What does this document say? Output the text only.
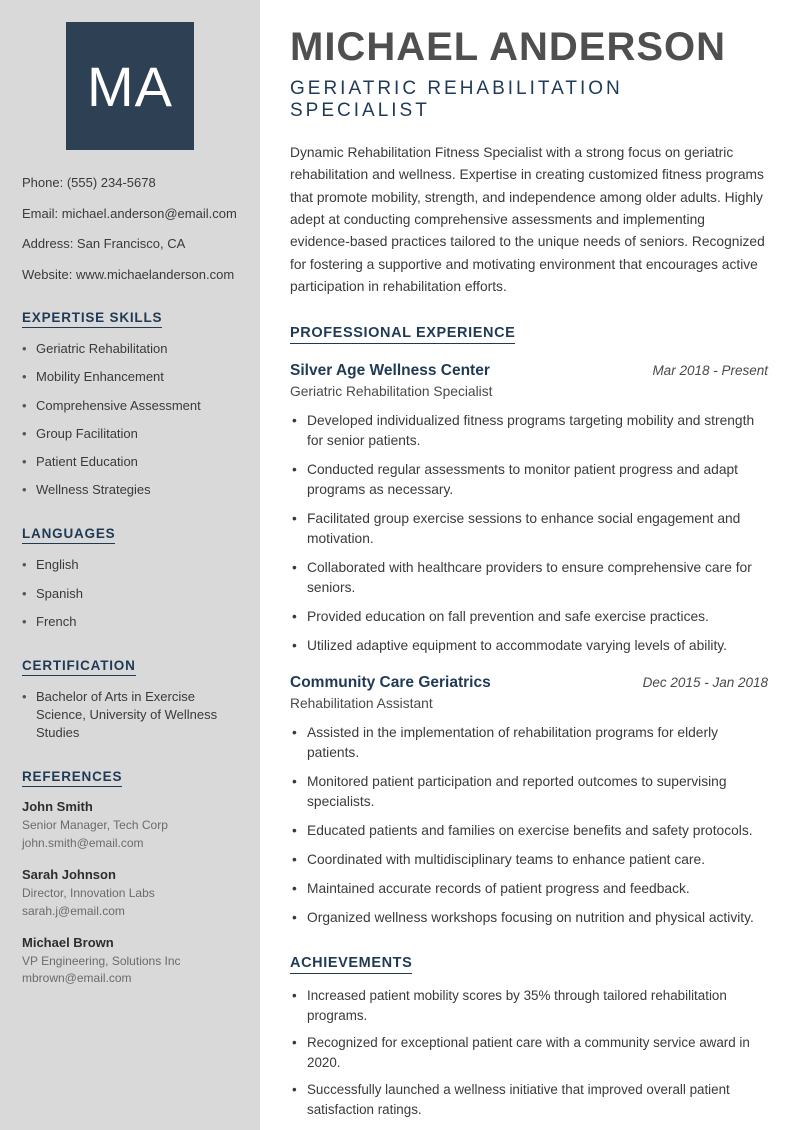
MA
Phone: (555) 234-5678
Email: michael.anderson@email.com
Address: San Francisco, CA
Website: www.michaelanderson.com
EXPERTISE SKILLS
• Geriatric Rehabilitation
• Mobility Enhancement
• Comprehensive Assessment
• Group Facilitation
• Patient Education
• Wellness Strategies
LANGUAGES
• English
• Spanish
• French
CERTIFICATION
• Bachelor of Arts in Exercise Science, University of Wellness Studies
REFERENCES
John Smith
Senior Manager, Tech Corp
john.smith@email.com
Sarah Johnson
Director, Innovation Labs
sarah.j@email.com
Michael Brown
VP Engineering, Solutions Inc
mbrown@email.com
MICHAEL ANDERSON
GERIATRIC REHABILITATION SPECIALIST

Dynamic Rehabilitation Fitness Specialist with a strong focus on geriatric rehabilitation and wellness. Expertise in creating customized fitness programs that promote mobility, strength, and independence among older adults. Highly adept at conducting comprehensive assessments and implementing evidence-based practices tailored to the unique needs of seniors. Recognized for fostering a supportive and motivating environment that encourages active participation in rehabilitation efforts.

PROFESSIONAL EXPERIENCE
Silver Age Wellness Center	Mar 2018 - Present
Geriatric Rehabilitation Specialist
• Developed individualized fitness programs targeting mobility and strength for senior patients.
• Conducted regular assessments to monitor patient progress and adapt programs as necessary.
• Facilitated group exercise sessions to enhance social engagement and motivation.
• Collaborated with healthcare providers to ensure comprehensive care for seniors.
• Provided education on fall prevention and safe exercise practices.
• Utilized adaptive equipment to accommodate varying levels of ability.
Community Care Geriatrics	Dec 2015 - Jan 2018
Rehabilitation Assistant
• Assisted in the implementation of rehabilitation programs for elderly patients.
• Monitored patient participation and reported outcomes to supervising specialists.
• Educated patients and families on exercise benefits and safety protocols.
• Coordinated with multidisciplinary teams to enhance patient care.
• Maintained accurate records of patient progress and feedback.
• Organized wellness workshops focusing on nutrition and physical activity.
ACHIEVEMENTS
• Increased patient mobility scores by 35% through tailored rehabilitation programs.
• Recognized for exceptional patient care with a community service award in 2020.
• Successfully launched a wellness initiative that improved overall patient satisfaction ratings.
